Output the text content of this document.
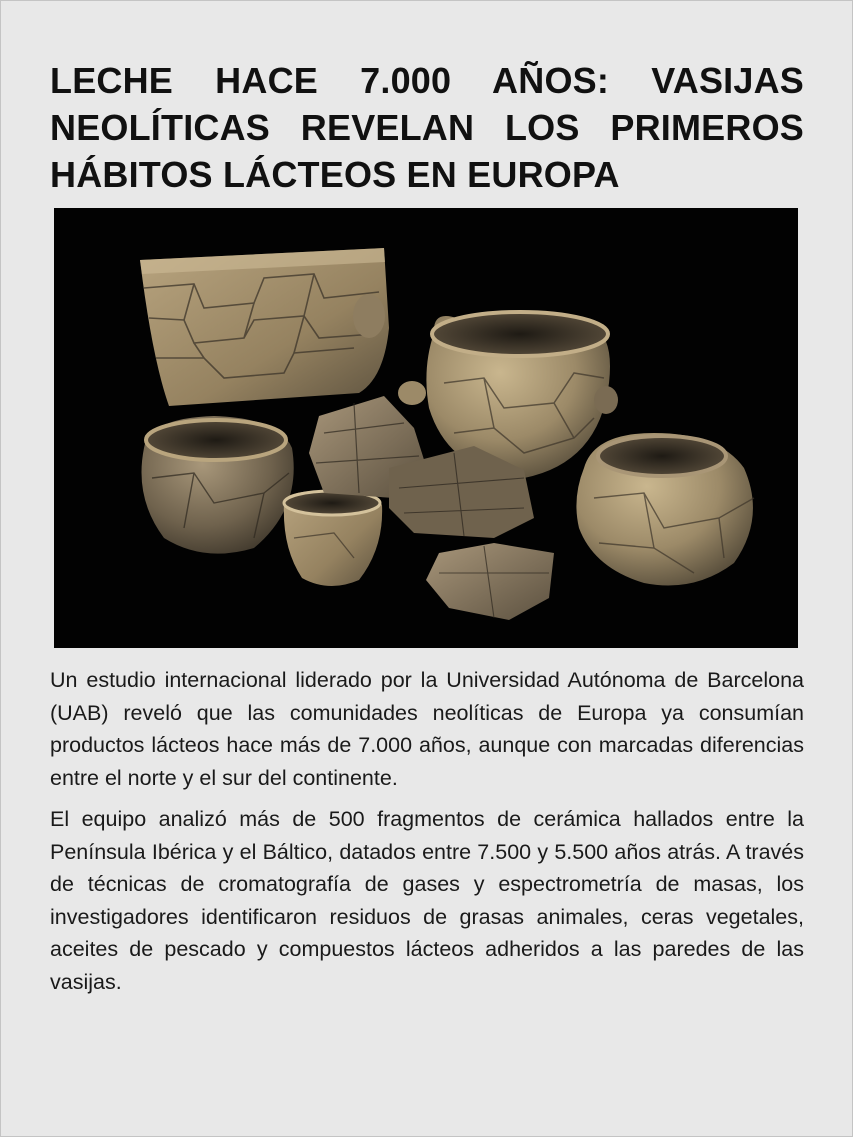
LECHE HACE 7.000 AÑOS: VASIJAS NEOLÍTICAS REVELAN LOS PRIMEROS HÁBITOS LÁCTEOS EN EUROPA

Un estudio internacional liderado por la Universidad Autónoma de Barcelona (UAB) reveló que las comunidades neolíticas de Europa ya consumían productos lácteos hace más de 7.000 años, aunque con marcadas diferencias entre el norte y el sur del continente.

El equipo analizó más de 500 fragmentos de cerámica hallados entre la Península Ibérica y el Báltico, datados entre 7.500 y 5.500 años atrás. A través de técnicas de cromatografía de gases y espectrometría de masas, los investigadores identificaron residuos de grasas animales, ceras vegetales, aceites de pescado y compuestos lácteos adheridos a las paredes de las vasijas.
